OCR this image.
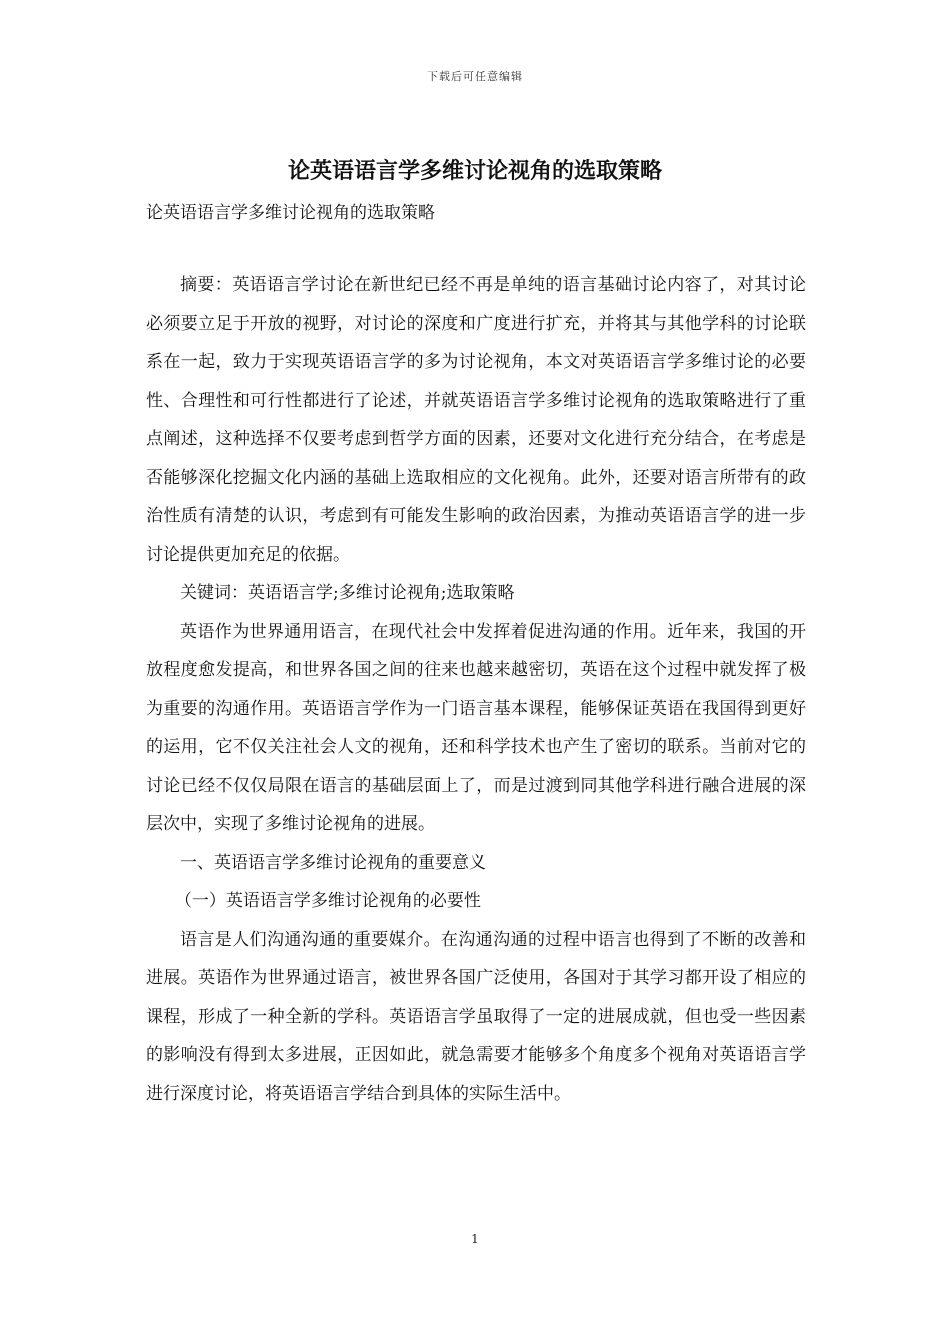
下载后可任意编辑
论英语语言学多维讨论视角的选取策略

论英语语言学多维讨论视角的选取策略

摘要：英语语言学讨论在新世纪已经不再是单纯的语言基础讨论内容了，对其讨论必须要立足于开放的视野，对讨论的深度和广度进行扩充，并将其与其他学科的讨论联系在一起，致力于实现英语语言学的多为讨论视角，本文对英语语言学多维讨论的必要性、合理性和可行性都进行了论述，并就英语语言学多维讨论视角的选取策略进行了重点阐述，这种选择不仅要考虑到哲学方面的因素，还要对文化进行充分结合，在考虑是否能够深化挖掘文化内涵的基础上选取相应的文化视角。此外，还要对语言所带有的政治性质有清楚的认识，考虑到有可能发生影响的政治因素，为推动英语语言学的进一步讨论提供更加充足的依据。

关键词：英语语言学;多维讨论视角;选取策略

英语作为世界通用语言，在现代社会中发挥着促进沟通的作用。近年来，我国的开放程度愈发提高，和世界各国之间的往来也越来越密切，英语在这个过程中就发挥了极为重要的沟通作用。英语语言学作为一门语言基本课程，能够保证英语在我国得到更好的运用，它不仅关注社会人文的视角，还和科学技术也产生了密切的联系。当前对它的讨论已经不仅仅局限在语言的基础层面上了，而是过渡到同其他学科进行融合进展的深层次中，实现了多维讨论视角的进展。

一、英语语言学多维讨论视角的重要意义

（一）英语语言学多维讨论视角的必要性

语言是人们沟通沟通的重要媒介。在沟通沟通的过程中语言也得到了不断的改善和进展。英语作为世界通过语言，被世界各国广泛使用，各国对于其学习都开设了相应的课程，形成了一种全新的学科。英语语言学虽取得了一定的进展成就，但也受一些因素的影响没有得到太多进展，正因如此，就急需要才能够多个角度多个视角对英语语言学进行深度讨论，将英语语言学结合到具体的实际生活中。

1
